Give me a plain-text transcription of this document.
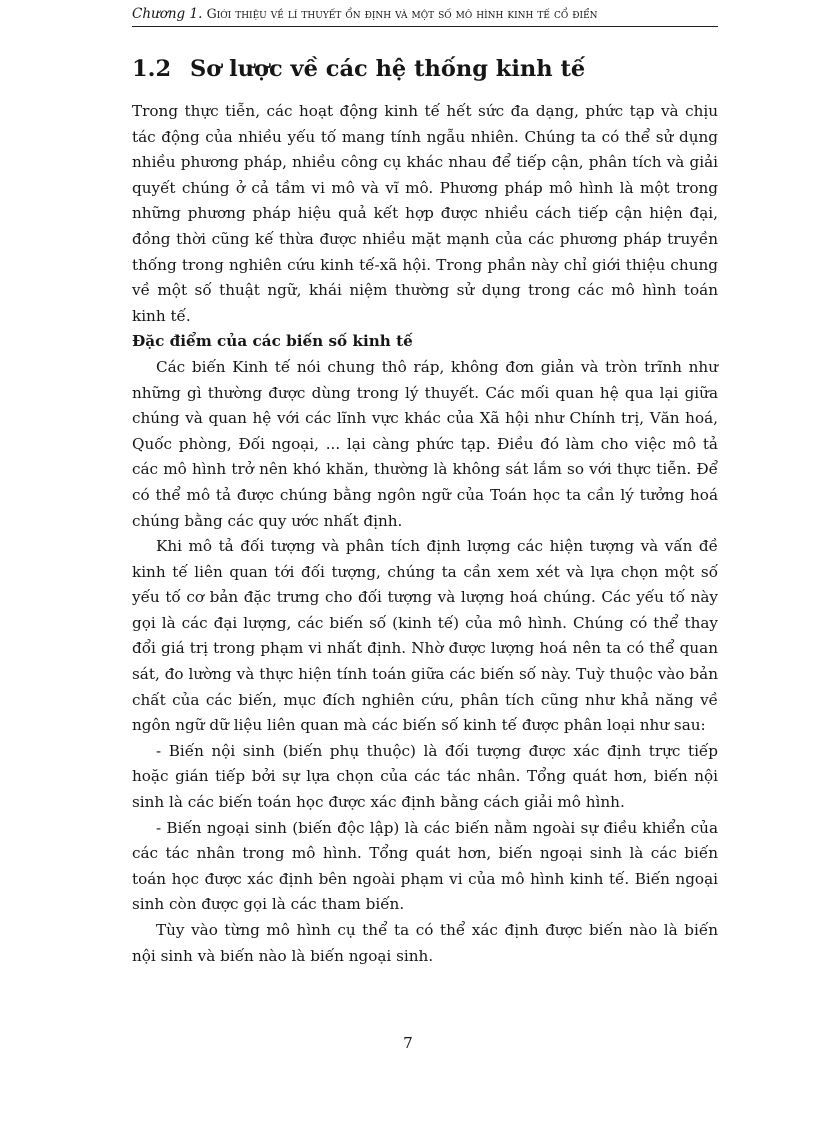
Chương 1. Giới thiệu về lí thuyết ổn định và một số mô hình kinh tế cổ điển
1.2 Sơ lược về các hệ thống kinh tế

Trong thực tiễn, các hoạt động kinh tế hết sức đa dạng, phức tạp và chịu tác động của nhiều yếu tố mang tính ngẫu nhiên. Chúng ta có thể sử dụng nhiều phương pháp, nhiều công cụ khác nhau để tiếp cận, phân tích và giải quyết chúng ở cả tầm vi mô và vĩ mô. Phương pháp mô hình là một trong những phương pháp hiệu quả kết hợp được nhiều cách tiếp cận hiện đại, đồng thời cũng kế thừa được nhiều mặt mạnh của các phương pháp truyền thống trong nghiên cứu kinh tế-xã hội. Trong phần này chỉ giới thiệu chung về một số thuật ngữ, khái niệm thường sử dụng trong các mô hình toán kinh tế.

Đặc điểm của các biến số kinh tế

Các biến Kinh tế nói chung thô ráp, không đơn giản và tròn trĩnh như những gì thường được dùng trong lý thuyết. Các mối quan hệ qua lại giữa chúng và quan hệ với các lĩnh vực khác của Xã hội như Chính trị, Văn hoá, Quốc phòng, Đối ngoại, ... lại càng phức tạp. Điều đó làm cho việc mô tả các mô hình trở nên khó khăn, thường là không sát lắm so với thực tiễn. Để có thể mô tả được chúng bằng ngôn ngữ của Toán học ta cần lý tưởng hoá chúng bằng các quy ước nhất định.

Khi mô tả đối tượng và phân tích định lượng các hiện tượng và vấn đề kinh tế liên quan tới đối tượng, chúng ta cần xem xét và lựa chọn một số yếu tố cơ bản đặc trưng cho đối tượng và lượng hoá chúng. Các yếu tố này gọi là các đại lượng, các biến số (kinh tế) của mô hình. Chúng có thể thay đổi giá trị trong phạm vi nhất định. Nhờ được lượng hoá nên ta có thể quan sát, đo lường và thực hiện tính toán giữa các biến số này. Tuỳ thuộc vào bản chất của các biến, mục đích nghiên cứu, phân tích cũng như khả năng về ngôn ngữ dữ liệu liên quan mà các biến số kinh tế được phân loại như sau:

- Biến nội sinh (biến phụ thuộc) là đối tượng được xác định trực tiếp hoặc gián tiếp bởi sự lựa chọn của các tác nhân. Tổng quát hơn, biến nội sinh là các biến toán học được xác định bằng cách giải mô hình.

- Biến ngoại sinh (biến độc lập) là các biến nằm ngoài sự điều khiển của các tác nhân trong mô hình. Tổng quát hơn, biến ngoại sinh là các biến toán học được xác định bên ngoài phạm vi của mô hình kinh tế. Biến ngoại sinh còn được gọi là các tham biến.

Tùy vào từng mô hình cụ thể ta có thể xác định được biến nào là biến nội sinh và biến nào là biến ngoại sinh.

7
